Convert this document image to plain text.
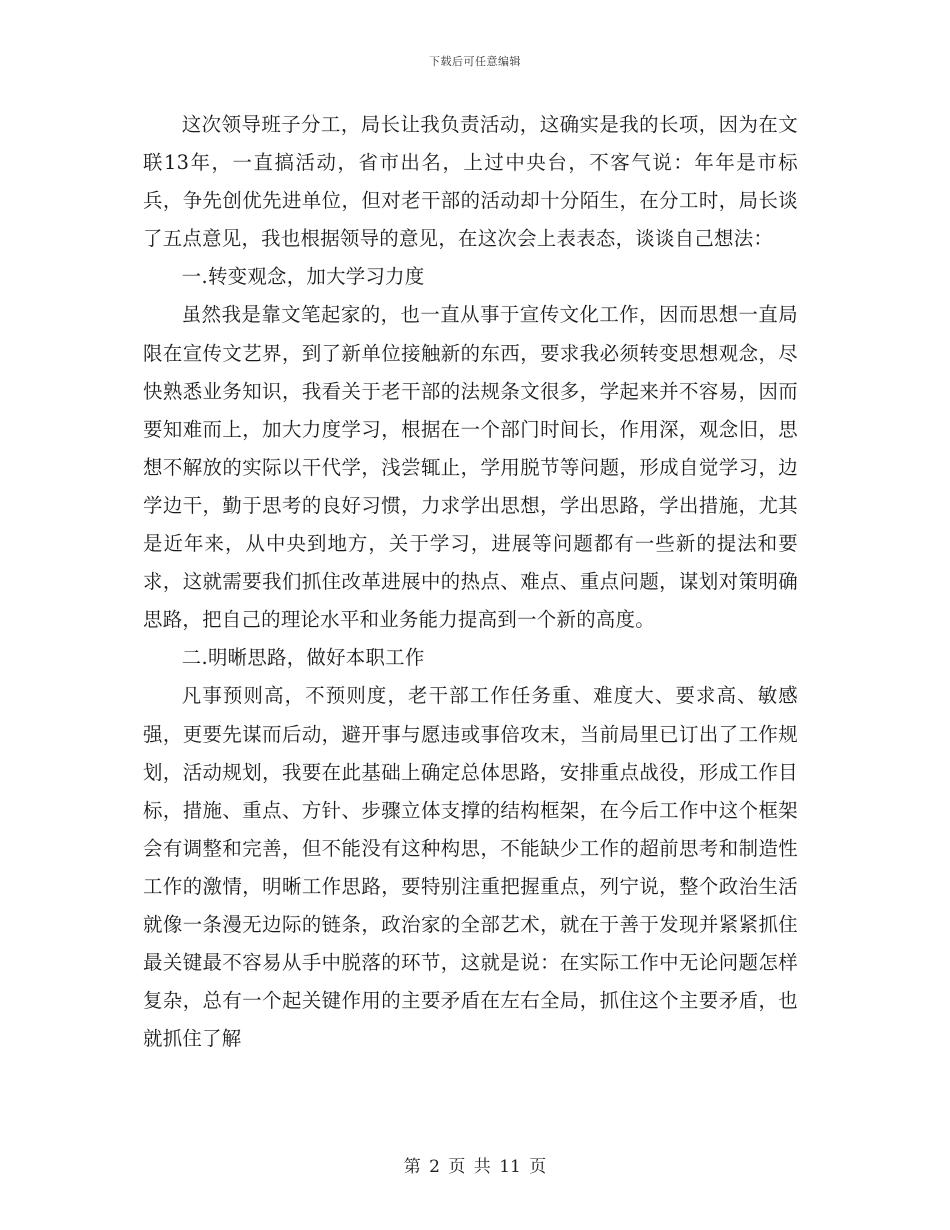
下载后可任意编辑

这次领导班子分工，局长让我负责活动，这确实是我的长项，因为在文联13年，一直搞活动，省市出名，上过中央台，不客气说：年年是市标兵，争先创优先进单位，但对老干部的活动却十分陌生，在分工时，局长谈了五点意见，我也根据领导的意见，在这次会上表表态，谈谈自己想法：

一.转变观念，加大学习力度

虽然我是靠文笔起家的，也一直从事于宣传文化工作，因而思想一直局限在宣传文艺界，到了新单位接触新的东西，要求我必须转变思想观念，尽快熟悉业务知识，我看关于老干部的法规条文很多，学起来并不容易，因而要知难而上，加大力度学习，根据在一个部门时间长，作用深，观念旧，思想不解放的实际以干代学，浅尝辄止，学用脱节等问题，形成自觉学习，边学边干，勤于思考的良好习惯，力求学出思想，学出思路，学出措施，尤其是近年来，从中央到地方，关于学习，进展等问题都有一些新的提法和要求，这就需要我们抓住改革进展中的热点、难点、重点问题，谋划对策明确思路，把自己的理论水平和业务能力提高到一个新的高度。

二.明晰思路，做好本职工作

凡事预则高，不预则度，老干部工作任务重、难度大、要求高、敏感强，更要先谋而后动，避开事与愿违或事倍攻末，当前局里已订出了工作规划，活动规划，我要在此基础上确定总体思路，安排重点战役，形成工作目标，措施、重点、方针、步骤立体支撑的结构框架，在今后工作中这个框架会有调整和完善，但不能没有这种构思，不能缺少工作的超前思考和制造性工作的激情，明晰工作思路，要特别注重把握重点，列宁说，整个政治生活就像一条漫无边际的链条，政治家的全部艺术，就在于善于发现并紧紧抓住最关键最不容易从手中脱落的环节，这就是说：在实际工作中无论问题怎样复杂，总有一个起关键作用的主要矛盾在左右全局，抓住这个主要矛盾，也就抓住了解

第 2 页 共 11 页
